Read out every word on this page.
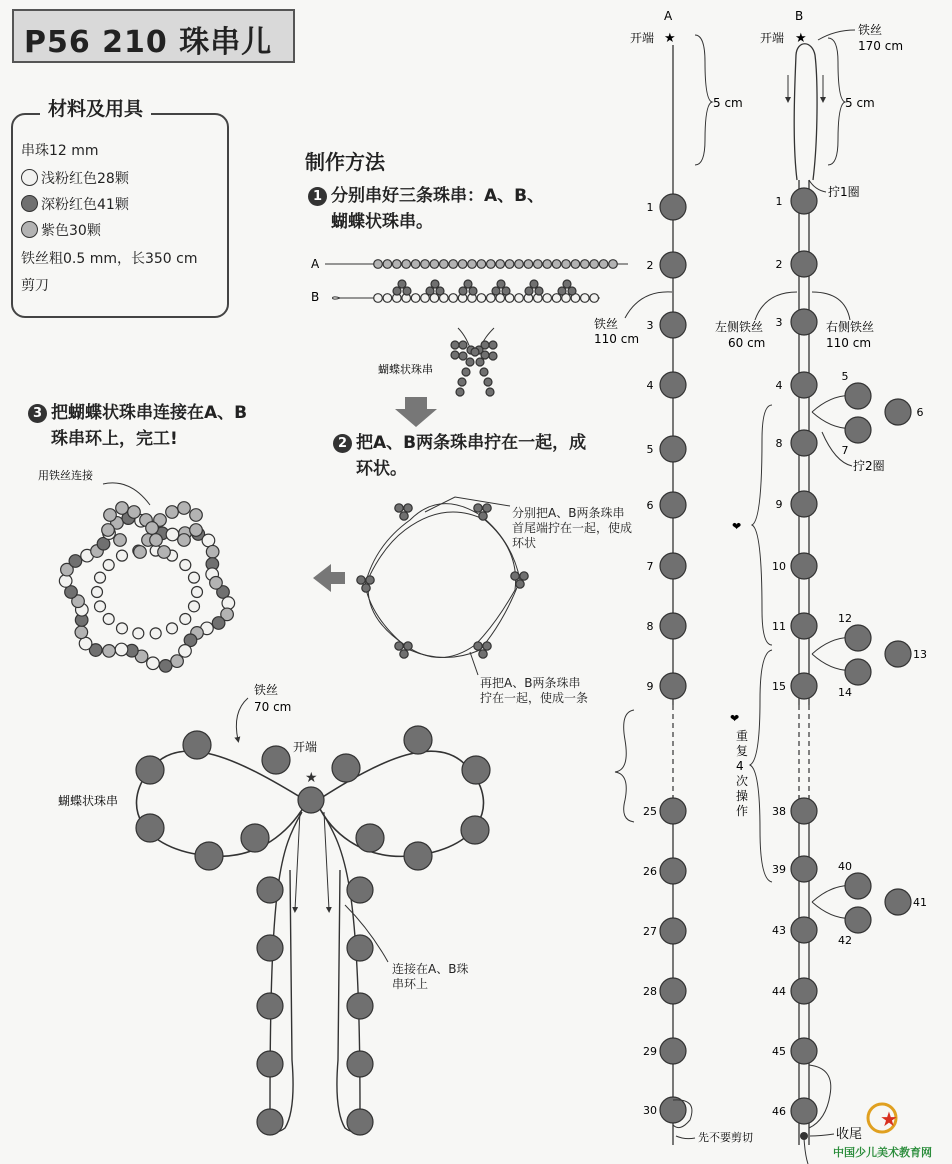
P56 210 珠串儿
材料及用具
串珠12 mm
浅粉红色28颗
深粉红色41颗
紫色30颗
铁丝粗0.5 mm，长350 cm
剪刀
制作方法
1 分别串好三条珠串：A、B、
蝴蝶状珠串。
2 把A、B两条珠串拧在一起，成
环状。
3 把蝴蝶状珠串连接在A、B
珠串环上，完工!
分别把A、B两条珠串首尾端拧在一起，使成环状
再把A、B两条珠串拧在一起，使成一条
连接在A、B珠串环上
A
B
蝴蝶状珠串
用铁丝连接
铁丝
70 cm
开端
★
蝴蝶状珠串
A
开端 ★
5 cm
铁丝
110 cm
1
2
3
4
5
6
7
8
9
25
26
27
28
29
30
先不要剪切
B
开端 ★
铁丝
170 cm
5 cm
拧1圈
左侧铁丝
60 cm
右侧铁丝
110 cm
拧2圈
❤
❤
重复 4 次操作
1
2
3
4
8
9
10
11
15
38
39
43
44
45
46
5
6
7
12
13
14
40
41
42
收尾
★
中国少儿美术教育网
